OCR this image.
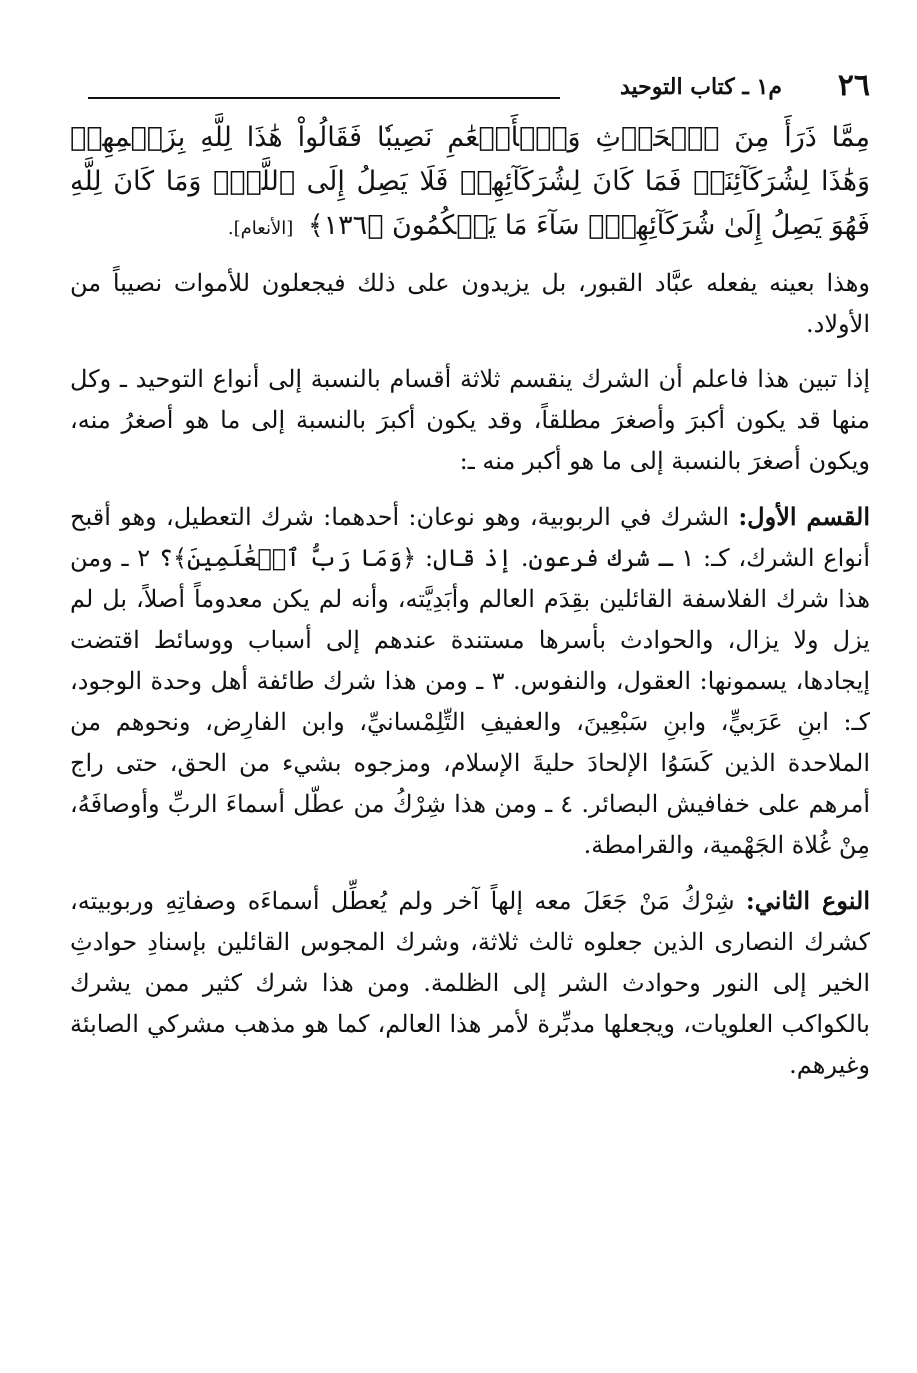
٢٦
م١ ـ كتاب التوحيد
مِمَّا ذَرَأَ مِنَ ٱلۡحَرۡثِ وَٱلۡأَنۡعَٰمِ نَصِيبٗا فَقَالُواْ هَٰذَا لِلَّهِ بِزَعۡمِهِمۡ وَهَٰذَا لِشُرَكَآئِنَاۖ فَمَا كَانَ لِشُرَكَآئِهِمۡ فَلَا يَصِلُ إِلَى ٱللَّهِۖ وَمَا كَانَ لِلَّهِ فَهُوَ يَصِلُ إِلَىٰ شُرَكَآئِهِمۡۗ سَآءَ مَا يَحۡكُمُونَ ﴿١٣٦﴾ [الأنعام].

وهذا بعينه يفعله عبَّاد القبور، بل يزيدون على ذلك فيجعلون للأموات نصيباً من الأولاد.

إذا تبين هذا فاعلم أن الشرك ينقسم ثلاثة أقسام بالنسبة إلى أنواع التوحيد ـ وكل منها قد يكون أكبرَ وأصغرَ مطلقاً، وقد يكون أكبرَ بالنسبة إلى ما هو أصغرُ منه، ويكون أصغرَ بالنسبة إلى ما هو أكبر منه ـ:

القسم الأول: الشرك في الربوبية، وهو نوعان: أحدهما: شرك التعطيل، وهو أقبح أنواع الشرك، كـ: ١ ـ شرك فرعون. إذ قال: ﴿وَمَا رَبُّ ٱلۡعَٰلَمِينَ﴾؟ ٢ ـ ومن هذا شرك الفلاسفة القائلين بقِدَم العالم وأبَدِيَّته، وأنه لم يكن معدوماً أصلاً، بل لم يزل ولا يزال، والحوادث بأسرها مستندة عندهم إلى أسباب ووسائط اقتضت إيجادها، يسمونها: العقول، والنفوس. ٣ ـ ومن هذا شرك طائفة أهل وحدة الوجود، كـ: ابنِ عَرَبيٍّ، وابنِ سَبْعِينَ، والعفيفِ التِّلِمْسانيِّ، وابن الفارِض، ونحوهم من الملاحدة الذين كَسَوُا الإلحادَ حليةَ الإسلام، ومزجوه بشيء من الحق، حتى راج أمرهم على خفافيش البصائر. ٤ ـ ومن هذا شِرْكُ من عطّل أسماءَ الربِّ وأوصافَهُ، مِنْ غُلاة الجَهْمية، والقرامطة.

النوع الثاني: شِرْكُ مَنْ جَعَلَ معه إلهاً آخر ولم يُعطِّل أسماءَه وصفاتِهِ وربوبيته، كشرك النصارى الذين جعلوه ثالث ثلاثة، وشرك المجوس القائلين بإسنادِ حوادثِ الخير إلى النور وحوادث الشر إلى الظلمة. ومن هذا شرك كثير ممن يشرك بالكواكب العلويات، ويجعلها مدبِّرة لأمر هذا العالم، كما هو مذهب مشركي الصابئة وغيرهم.
